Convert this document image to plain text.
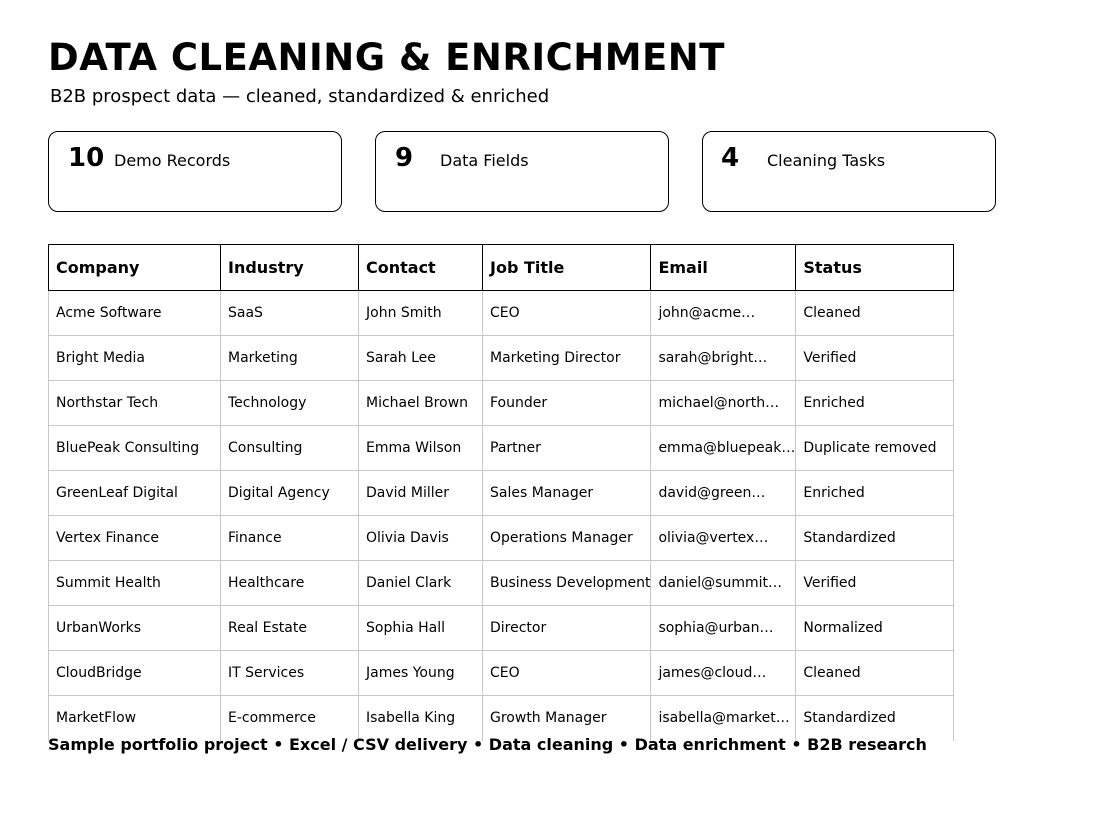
DATA CLEANING & ENRICHMENT
B2B prospect data — cleaned, standardized & enriched
10 Demo Records	9 Data Fields	4 Cleaning Tasks
Company	Industry	Contact	Job Title	Email	Status
Acme Software	SaaS	John Smith	CEO	john@acme…	Cleaned
Bright Media	Marketing	Sarah Lee	Marketing Director	sarah@bright…	Verified
Northstar Tech	Technology	Michael Brown	Founder	michael@north…	Enriched
BluePeak Consulting	Consulting	Emma Wilson	Partner	emma@bluepeak…	Duplicate removed
GreenLeaf Digital	Digital Agency	David Miller	Sales Manager	david@green…	Enriched
Vertex Finance	Finance	Olivia Davis	Operations Manager	olivia@vertex…	Standardized
Summit Health	Healthcare	Daniel Clark	Business Development	daniel@summit…	Verified
UrbanWorks	Real Estate	Sophia Hall	Director	sophia@urban…	Normalized
CloudBridge	IT Services	James Young	CEO	james@cloud…	Cleaned
MarketFlow	E-commerce	Isabella King	Growth Manager	isabella@market…	Standardized
Sample portfolio project • Excel / CSV delivery • Data cleaning • Data enrichment • B2B research
